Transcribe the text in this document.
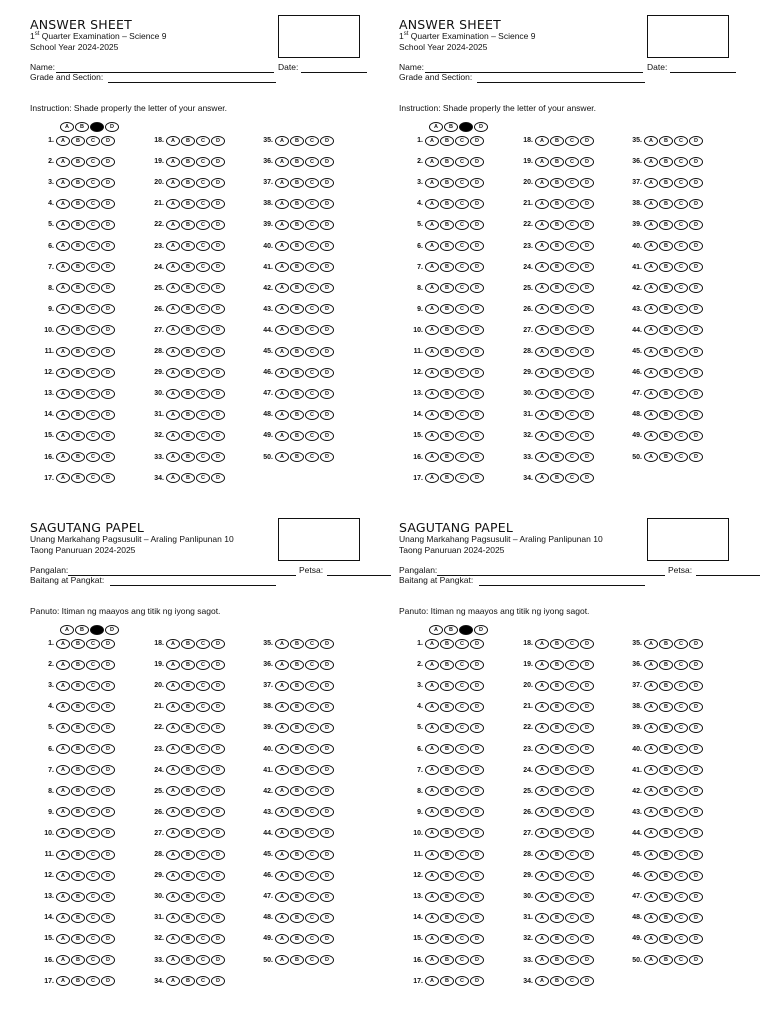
ANSWER SHEET
1st Quarter Examination – Science 9
School Year 2024-2025
Name:	Date:
Grade and Section:
Instruction: Shade properly the letter of your answer.
A	B	C	D
1.	A	B	C	D
2.	A	B	C	D
3.	A	B	C	D
4.	A	B	C	D
5.	A	B	C	D
6.	A	B	C	D
7.	A	B	C	D
8.	A	B	C	D
9.	A	B	C	D
10.	A	B	C	D
11.	A	B	C	D
12.	A	B	C	D
13.	A	B	C	D
14.	A	B	C	D
15.	A	B	C	D
16.	A	B	C	D
17.	A	B	C	D
18.	A	B	C	D
19.	A	B	C	D
20.	A	B	C	D
21.	A	B	C	D
22.	A	B	C	D
23.	A	B	C	D
24.	A	B	C	D
25.	A	B	C	D
26.	A	B	C	D
27.	A	B	C	D
28.	A	B	C	D
29.	A	B	C	D
30.	A	B	C	D
31.	A	B	C	D
32.	A	B	C	D
33.	A	B	C	D
34.	A	B	C	D
35.	A	B	C	D
36.	A	B	C	D
37.	A	B	C	D
38.	A	B	C	D
39.	A	B	C	D
40.	A	B	C	D
41.	A	B	C	D
42.	A	B	C	D
43.	A	B	C	D
44.	A	B	C	D
45.	A	B	C	D
46.	A	B	C	D
47.	A	B	C	D
48.	A	B	C	D
49.	A	B	C	D
50.	A	B	C	D
ANSWER SHEET
1st Quarter Examination – Science 9
School Year 2024-2025
Name:	Date:
Grade and Section:
Instruction: Shade properly the letter of your answer.
A	B	C	D
1.	A	B	C	D
2.	A	B	C	D
3.	A	B	C	D
4.	A	B	C	D
5.	A	B	C	D
6.	A	B	C	D
7.	A	B	C	D
8.	A	B	C	D
9.	A	B	C	D
10.	A	B	C	D
11.	A	B	C	D
12.	A	B	C	D
13.	A	B	C	D
14.	A	B	C	D
15.	A	B	C	D
16.	A	B	C	D
17.	A	B	C	D
18.	A	B	C	D
19.	A	B	C	D
20.	A	B	C	D
21.	A	B	C	D
22.	A	B	C	D
23.	A	B	C	D
24.	A	B	C	D
25.	A	B	C	D
26.	A	B	C	D
27.	A	B	C	D
28.	A	B	C	D
29.	A	B	C	D
30.	A	B	C	D
31.	A	B	C	D
32.	A	B	C	D
33.	A	B	C	D
34.	A	B	C	D
35.	A	B	C	D
36.	A	B	C	D
37.	A	B	C	D
38.	A	B	C	D
39.	A	B	C	D
40.	A	B	C	D
41.	A	B	C	D
42.	A	B	C	D
43.	A	B	C	D
44.	A	B	C	D
45.	A	B	C	D
46.	A	B	C	D
47.	A	B	C	D
48.	A	B	C	D
49.	A	B	C	D
50.	A	B	C	D
SAGUTANG PAPEL
Unang Markahang Pagsusulit – Araling Panlipunan 10
Taong Panuruan 2024-2025
Pangalan:	Petsa:
Baitang at Pangkat:
Panuto: Itiman ng maayos ang titik ng iyong sagot.
A	B	C	D
1.	A	B	C	D
2.	A	B	C	D
3.	A	B	C	D
4.	A	B	C	D
5.	A	B	C	D
6.	A	B	C	D
7.	A	B	C	D
8.	A	B	C	D
9.	A	B	C	D
10.	A	B	C	D
11.	A	B	C	D
12.	A	B	C	D
13.	A	B	C	D
14.	A	B	C	D
15.	A	B	C	D
16.	A	B	C	D
17.	A	B	C	D
18.	A	B	C	D
19.	A	B	C	D
20.	A	B	C	D
21.	A	B	C	D
22.	A	B	C	D
23.	A	B	C	D
24.	A	B	C	D
25.	A	B	C	D
26.	A	B	C	D
27.	A	B	C	D
28.	A	B	C	D
29.	A	B	C	D
30.	A	B	C	D
31.	A	B	C	D
32.	A	B	C	D
33.	A	B	C	D
34.	A	B	C	D
35.	A	B	C	D
36.	A	B	C	D
37.	A	B	C	D
38.	A	B	C	D
39.	A	B	C	D
40.	A	B	C	D
41.	A	B	C	D
42.	A	B	C	D
43.	A	B	C	D
44.	A	B	C	D
45.	A	B	C	D
46.	A	B	C	D
47.	A	B	C	D
48.	A	B	C	D
49.	A	B	C	D
50.	A	B	C	D
SAGUTANG PAPEL
Unang Markahang Pagsusulit – Araling Panlipunan 10
Taong Panuruan 2024-2025
Pangalan:	Petsa:
Baitang at Pangkat:
Panuto: Itiman ng maayos ang titik ng iyong sagot.
A	B	C	D
1.	A	B	C	D
2.	A	B	C	D
3.	A	B	C	D
4.	A	B	C	D
5.	A	B	C	D
6.	A	B	C	D
7.	A	B	C	D
8.	A	B	C	D
9.	A	B	C	D
10.	A	B	C	D
11.	A	B	C	D
12.	A	B	C	D
13.	A	B	C	D
14.	A	B	C	D
15.	A	B	C	D
16.	A	B	C	D
17.	A	B	C	D
18.	A	B	C	D
19.	A	B	C	D
20.	A	B	C	D
21.	A	B	C	D
22.	A	B	C	D
23.	A	B	C	D
24.	A	B	C	D
25.	A	B	C	D
26.	A	B	C	D
27.	A	B	C	D
28.	A	B	C	D
29.	A	B	C	D
30.	A	B	C	D
31.	A	B	C	D
32.	A	B	C	D
33.	A	B	C	D
34.	A	B	C	D
35.	A	B	C	D
36.	A	B	C	D
37.	A	B	C	D
38.	A	B	C	D
39.	A	B	C	D
40.	A	B	C	D
41.	A	B	C	D
42.	A	B	C	D
43.	A	B	C	D
44.	A	B	C	D
45.	A	B	C	D
46.	A	B	C	D
47.	A	B	C	D
48.	A	B	C	D
49.	A	B	C	D
50.	A	B	C	D
